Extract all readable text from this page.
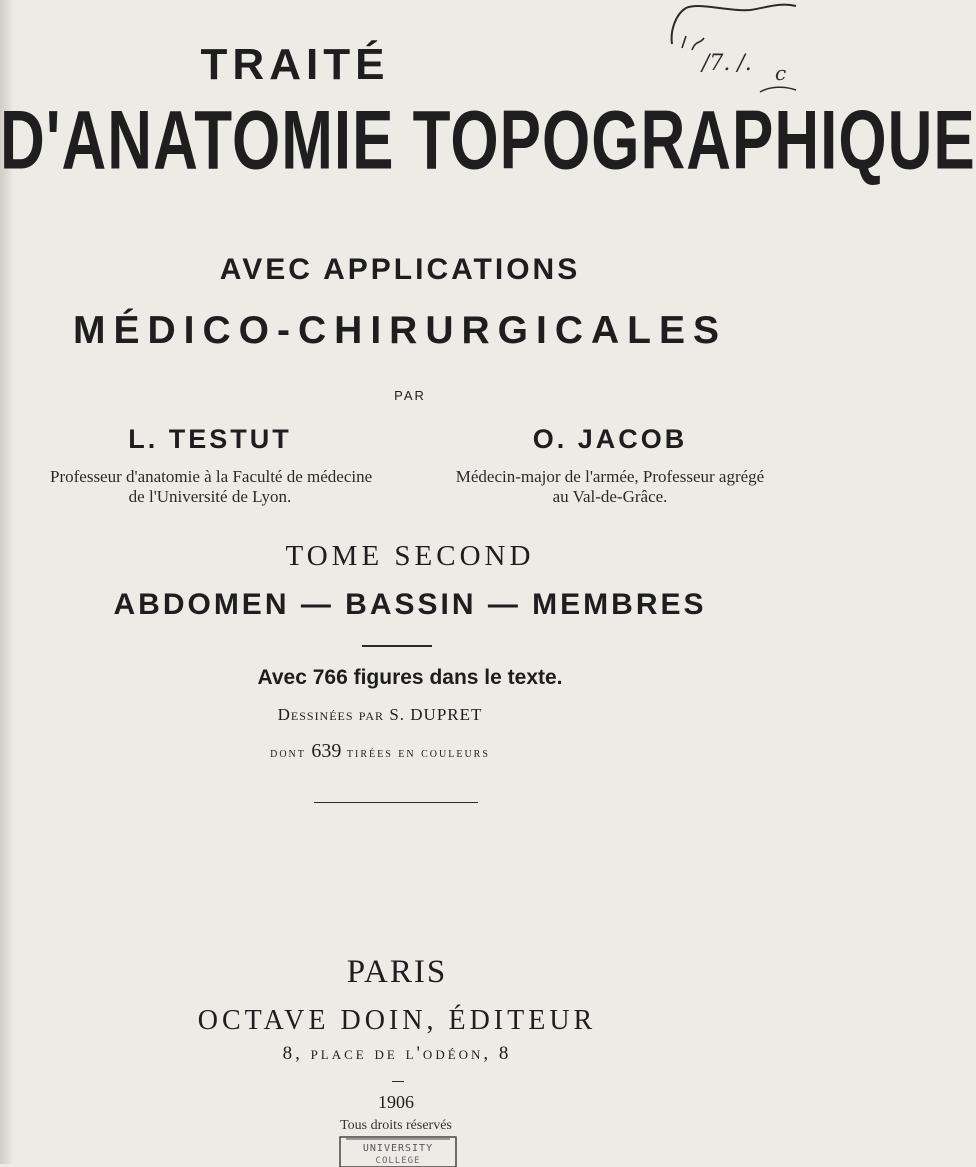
/7. /. c
TRAITÉ
D'ANATOMIE TOPOGRAPHIQUE
AVEC APPLICATIONS
MÉDICO-CHIRURGICALES
PAR
L. TESTUT
Professeur d'anatomie à la Faculté de médecine
de l'Université de Lyon.
O. JACOB
Médecin-major de l'armée, Professeur agrégé
au Val-de-Grâce.
TOME SECOND
ABDOMEN — BASSIN — MEMBRES
Avec 766 figures dans le texte.
Dessinées par S. DUPRET
dont 639 tirées en couleurs
PARIS
OCTAVE DOIN, ÉDITEUR
8, place de l'odéon, 8
1906
Tous droits réservés
UNIVERSITY
COLLEGE
